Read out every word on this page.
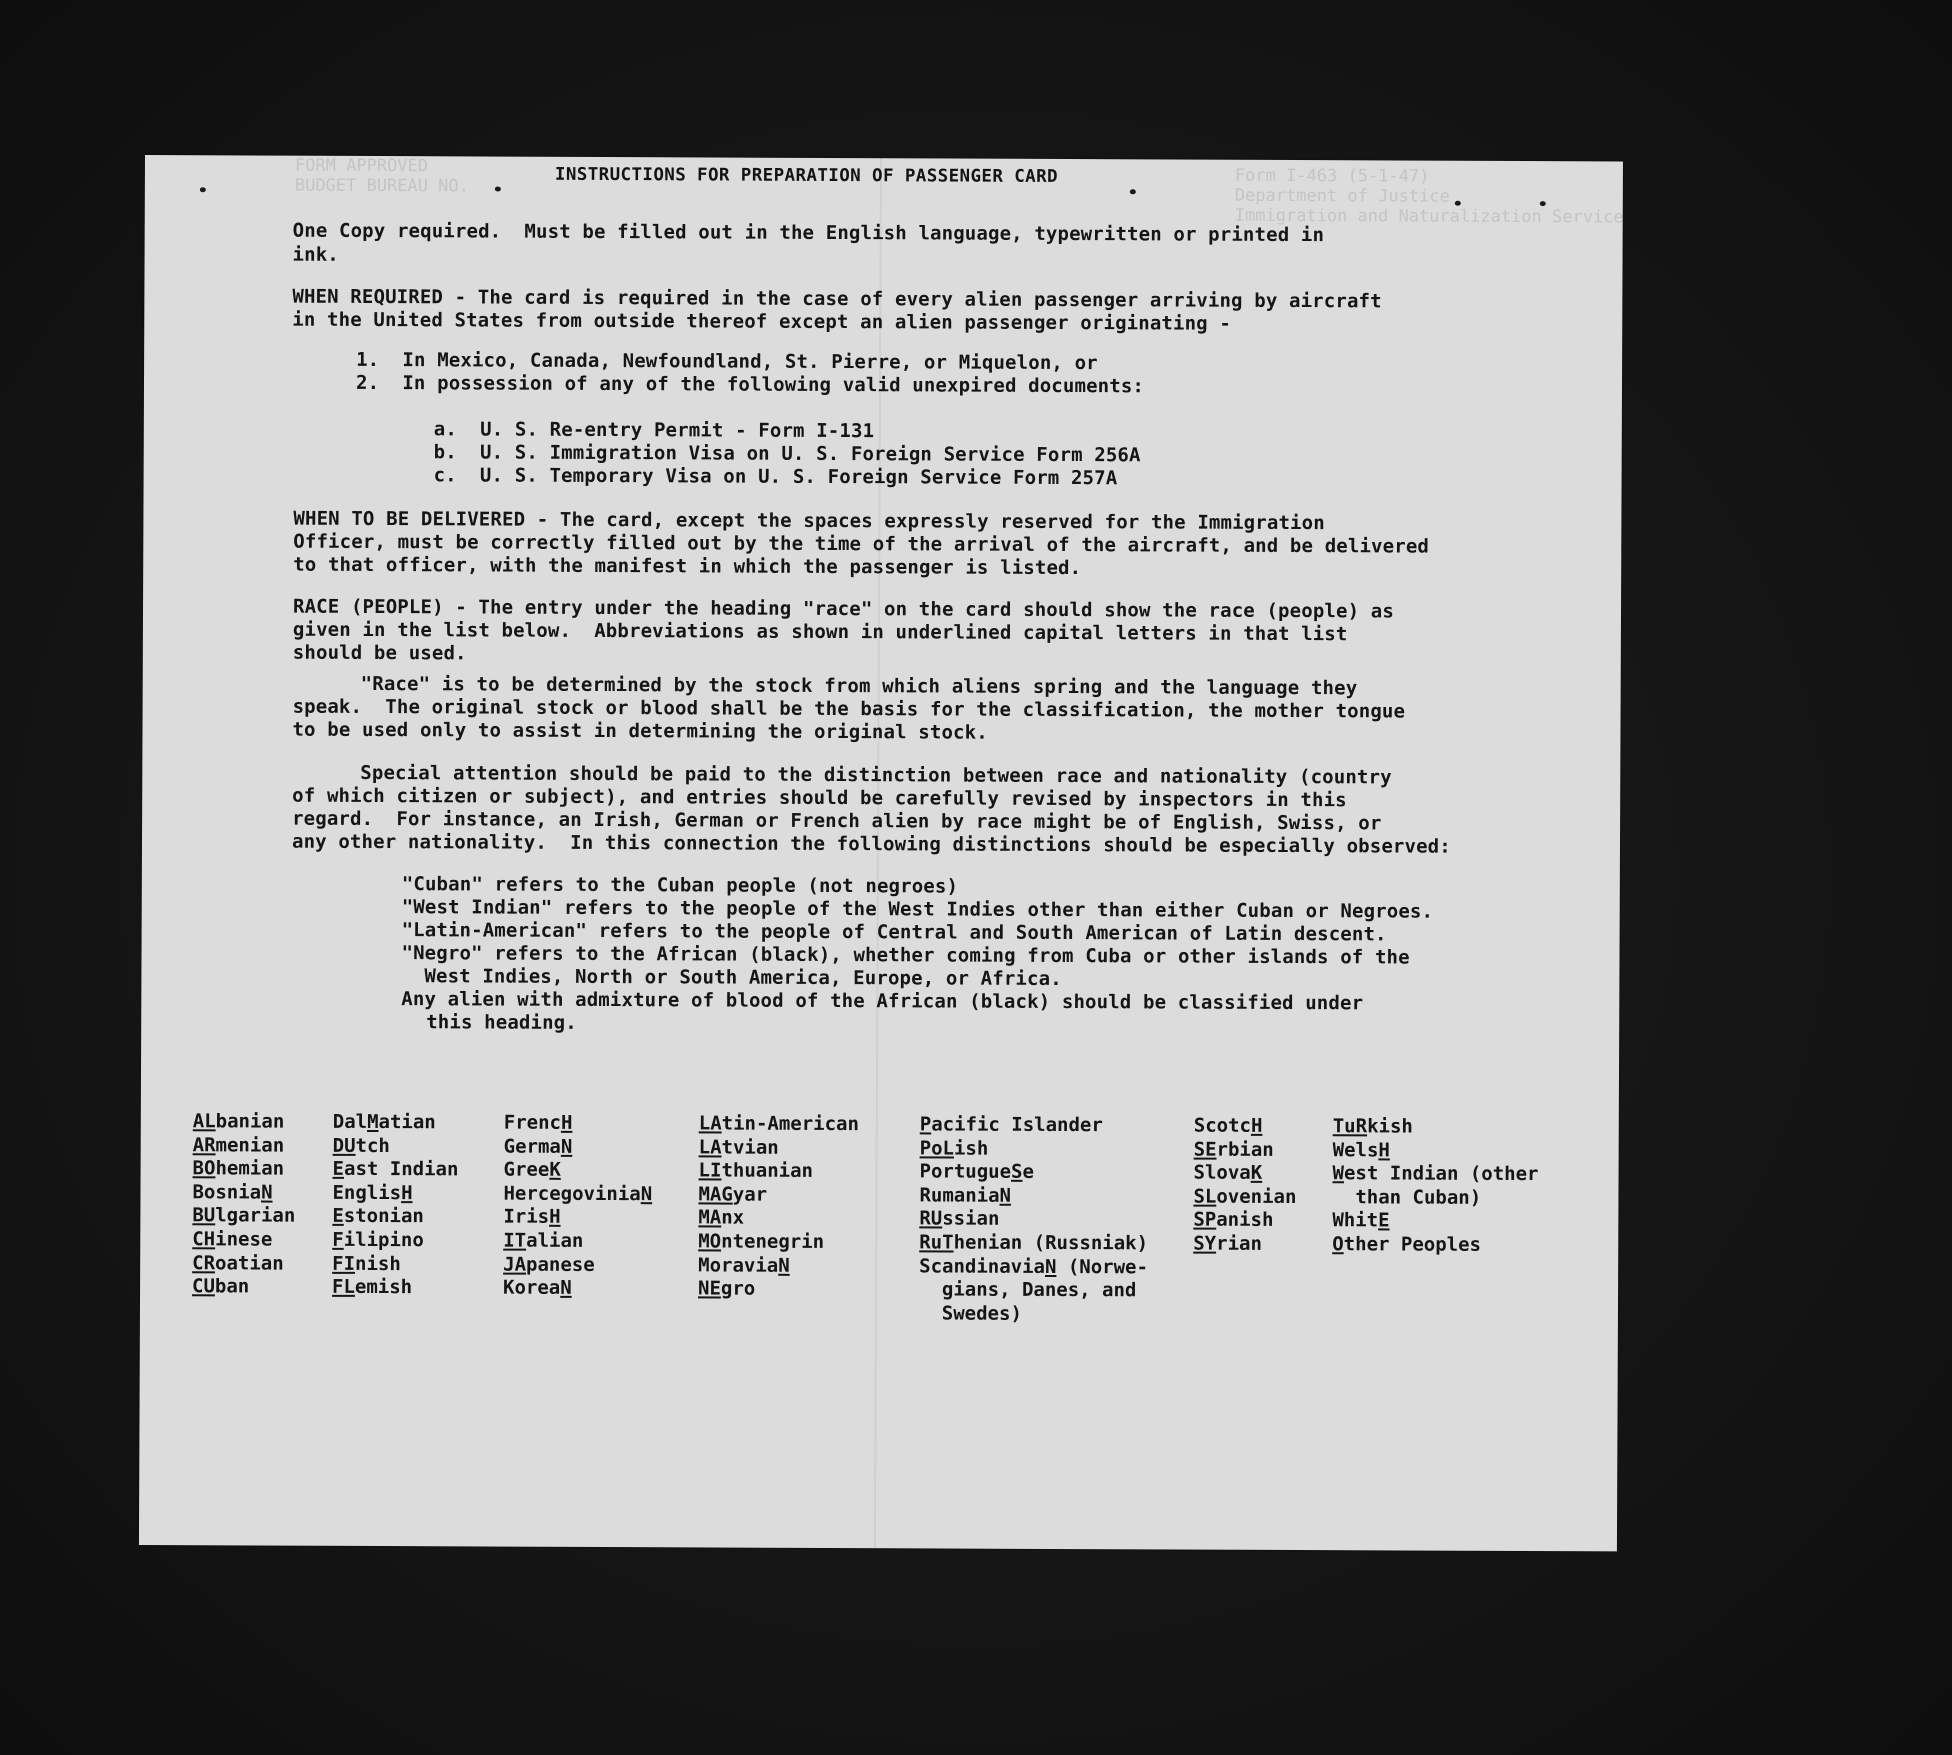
FORM APPROVED
BUDGET BUREAU NO.	Form I-463 (5-1-47)
Department of Justice
Immigration and Naturalization Service
INSTRUCTIONS FOR PREPARATION OF PASSENGER CARD
One Copy required.  Must be filled out in the English language, typewritten or printed in
ink.
WHEN REQUIRED - The card is required in the case of every alien passenger arriving by aircraft
in the United States from outside thereof except an alien passenger originating -
1.  In Mexico, Canada, Newfoundland, St. Pierre, or Miquelon, or
2.  In possession of any of the following valid unexpired documents:
a.  U. S. Re-entry Permit - Form I-131
b.  U. S. Immigration Visa on U. S. Foreign Service Form 256A
c.  U. S. Temporary Visa on U. S. Foreign Service Form 257A
WHEN TO BE DELIVERED - The card, except the spaces expressly reserved for the Immigration
Officer, must be correctly filled out by the time of the arrival of the aircraft, and be delivered
to that officer, with the manifest in which the passenger is listed.
RACE (PEOPLE) - The entry under the heading "race" on the card should show the race (people) as
given in the list below.  Abbreviations as shown in underlined capital letters in that list
should be used.
"Race" is to be determined by the stock from which aliens spring and the language they
speak.  The original stock or blood shall be the basis for the classification, the mother tongue
to be used only to assist in determining the original stock.
Special attention should be paid to the distinction between race and nationality (country
of which citizen or subject), and entries should be carefully revised by inspectors in this
regard.  For instance, an Irish, German or French alien by race might be of English, Swiss, or
any other nationality.  In this connection the following distinctions should be especially observed:
"Cuban" refers to the Cuban people (not negroes)
"West Indian" refers to the people of the West Indies other than either Cuban or Negroes.
"Latin-American" refers to the people of Central and South American of Latin descent.
"Negro" refers to the African (black), whether coming from Cuba or other islands of the
West Indies, North or South America, Europe, or Africa.
Any alien with admixture of blood of the African (black) should be classified under
this heading.
ALbanian
ARmenian
BOhemian
BosniaN
BUlgarian
CHinese
CRoatian
CUban
DalMatian
DUtch
East Indian
EnglisH
Estonian
Filipino
FInish
FLemish
FrencH
GermaN
GreeK
HercegoviniaN
IrisH
ITalian
JApanese
KoreaN
LAtin-American
LAtvian
LIthuanian
MAGyar
MAnx
MOntenegrin
MoraviaN
NEgro
Pacific Islander
PoLish
PortugueSe
RumaniaN
RUssian
RuThenian (Russniak)
ScandinaviaN (Norwe-
gians, Danes, and
Swedes)
ScotcH
SErbian
SlovaK
SLovenian
SPanish
SYrian
TuRkish
WelsH
West Indian (other
than Cuban)
WhitE
Other Peoples
